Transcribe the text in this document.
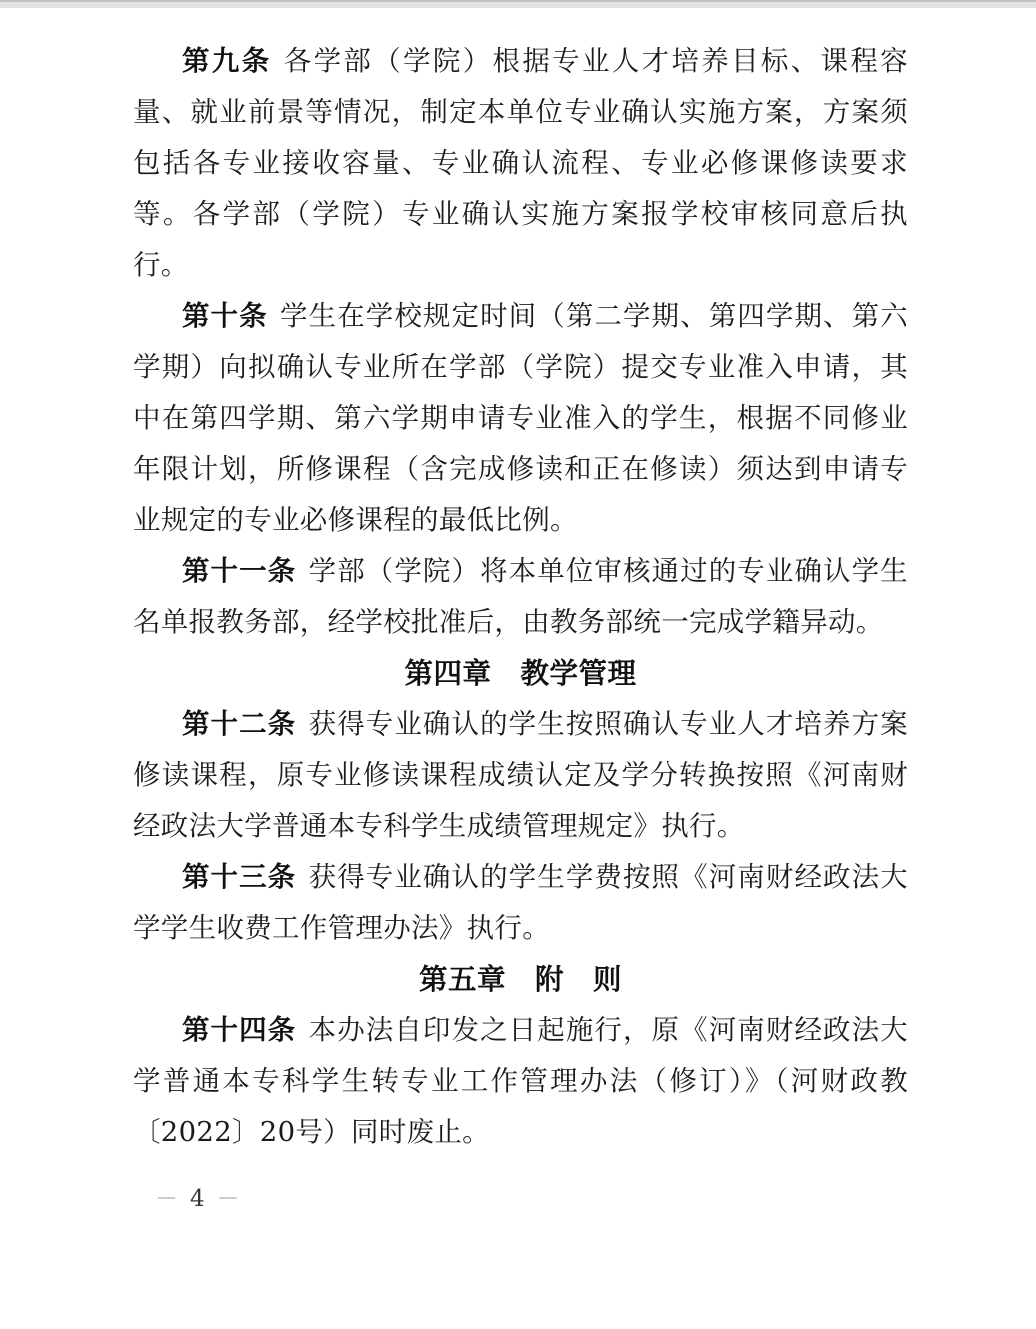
第九条 各学部（学院）根据专业人才培养目标、课程容量、就业前景等情况，制定本单位专业确认实施方案，方案须包括各专业接收容量、专业确认流程、专业必修课修读要求等。各学部（学院）专业确认实施方案报学校审核同意后执行。

第十条 学生在学校规定时间（第二学期、第四学期、第六学期）向拟确认专业所在学部（学院）提交专业准入申请，其中在第四学期、第六学期申请专业准入的学生，根据不同修业年限计划，所修课程（含完成修读和正在修读）须达到申请专业规定的专业必修课程的最低比例。

第十一条 学部（学院）将本单位审核通过的专业确认学生名单报教务部，经学校批准后，由教务部统一完成学籍异动。

第四章　教学管理

第十二条 获得专业确认的学生按照确认专业人才培养方案修读课程，原专业修读课程成绩认定及学分转换按照《河南财经政法大学普通本专科学生成绩管理规定》执行。

第十三条 获得专业确认的学生学费按照《河南财经政法大学学生收费工作管理办法》执行。

第五章　附　则

第十四条 本办法自印发之日起施行，原《河南财经政法大学普通本专科学生转专业工作管理办法（修订）》（河财政教〔2022〕20号）同时废止。

－ 4 －
